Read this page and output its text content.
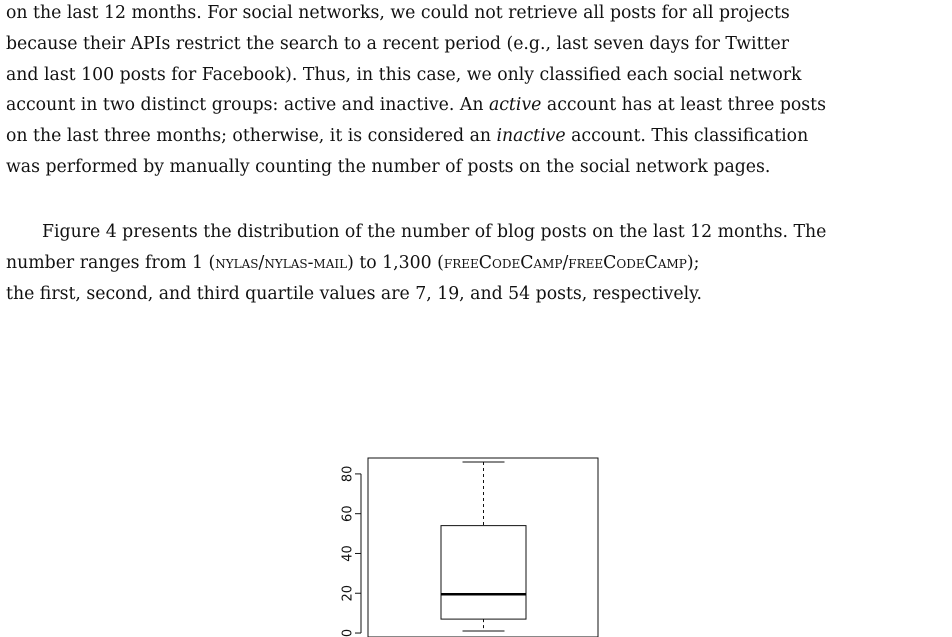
on the last 12 months. For social networks, we could not retrieve all posts for all projects
because their APIs restrict the search to a recent period (e.g., last seven days for Twitter
and last 100 posts for Facebook). Thus, in this case, we only classified each social network
account in two distinct groups: active and inactive. An active account has at least three posts
on the last three months; otherwise, it is considered an inactive account. This classification
was performed by manually counting the number of posts on the social network pages.
Figure 4 presents the distribution of the number of blog posts on the last 12 months. The
number ranges from 1 (nylas/nylas-mail) to 1,300 (freeCodeCamp/freeCodeCamp);
the first, second, and third quartile values are 7, 19, and 54 posts, respectively.
0
20
40
60
80
